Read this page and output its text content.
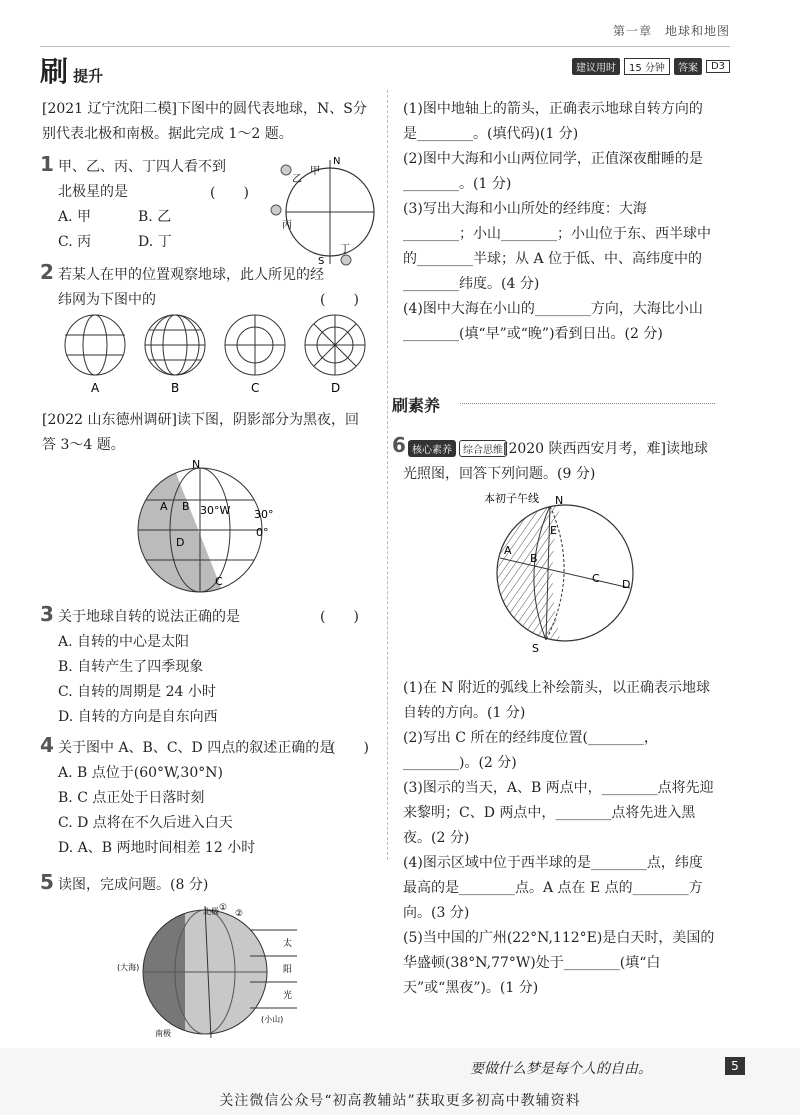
第一章　地球和地图
刷 提升	建议用时	15 分钟	答案	D3
[2021 辽宁沈阳二模]下图中的圆代表地球，N、S分别代表北极和南极。据此完成 1～2 题。
1 甲、乙、丙、丁四人看不到北极星的是	(　　)
A. 甲	B. 乙
C. 丙	D. 丁
N
S
乙
甲
丙
丁
2 若某人在甲的位置观察地球，此人所见的经纬网为下图中的	(　　)
A	B	C	D
[2022 山东德州调研]读下图，阴影部分为黑夜，回答 3～4 题。
N
A B
C
D
30°W 30°
0°
3 关于地球自转的说法正确的是	(　　)
A. 自转的中心是太阳
B. 自转产生了四季现象
C. 自转的周期是 24 小时
D. 自转的方向是自东向西
4 关于图中 A、B、C、D 四点的叙述正确的是
(　　)
A. B 点位于(60°W,30°N)
B. C 点正处于日落时刻
C. D 点将在不久后进入白天
D. A、B 两地时间相差 12 小时
5 读图，完成问题。(8 分)
北极
南极
(大海)
(小山)
①
②
太
阳
光
(1)图中地轴上的箭头，正确表示地球自转方向的是________。(填代码)(1 分)
(2)图中大海和小山两位同学，正值深夜酣睡的是________。(1 分)
(3)写出大海和小山所处的经纬度：大海________；小山________；小山位于东、西半球中的________半球；从 A 位于低、中、高纬度中的________纬度。(4 分)
(4)图中大海在小山的________方向，大海比小山________(填“早”或“晚”)看到日出。(2 分)
刷素养
6 核心素养	综合思维 [2020 陕西西安月考，难]读地球光照图，回答下列问题。(9 分)
本初子午线 N
S
A
B
C D
E
(1)在 N 附近的弧线上补绘箭头，以正确表示地球自转的方向。(1 分)
(2)写出 C 所在的经纬度位置(________，________)。(2 分)
(3)图示的当天，A、B 两点中，________点将先迎来黎明；C、D 两点中，________点将先进入黑夜。(2 分)
(4)图示区域中位于西半球的是________点，纬度最高的是________点。A 点在 E 点的________方向。(3 分)
(5)当中国的广州(22°N,112°E)是白天时，美国的华盛顿(38°N,77°W)处于________(填“白天”或“黑夜”)。(1 分)
要做什么梦是每个人的自由。	5
关注微信公众号“初高教辅站”获取更多初高中教辅资料
